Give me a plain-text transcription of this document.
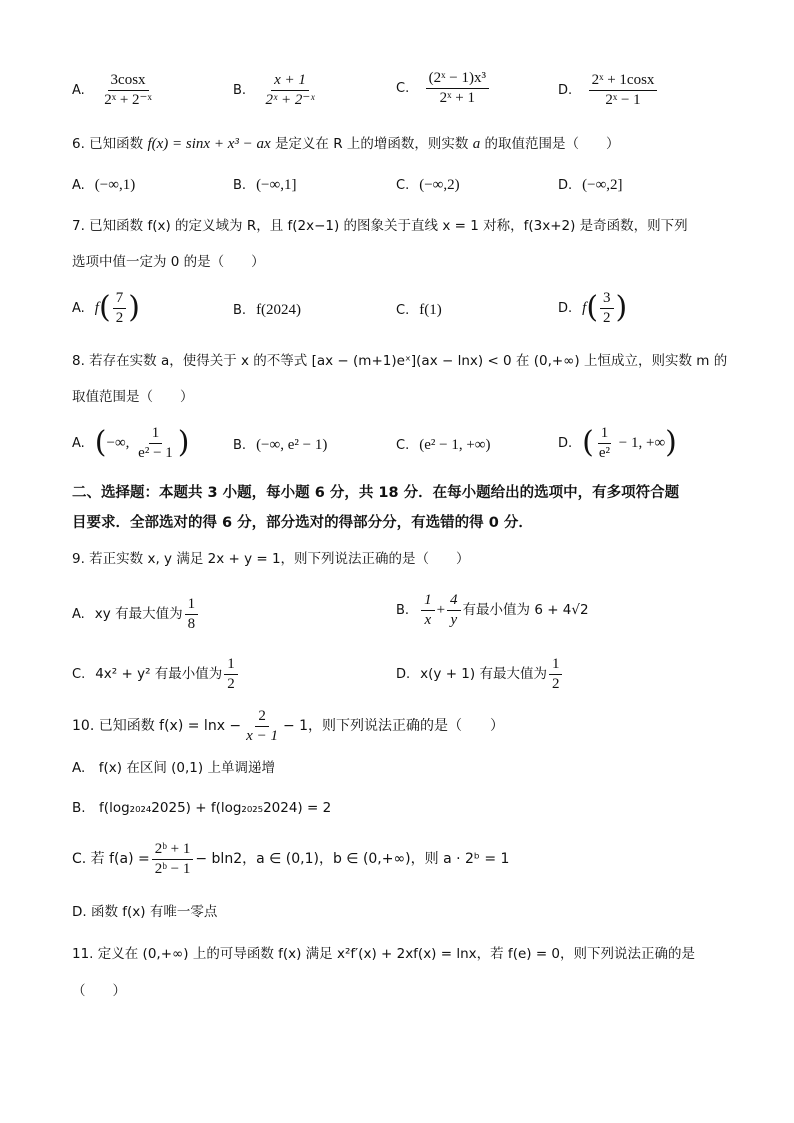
A. $\frac{3\cos x}{\text{2ˣ + 2⁻ˣ}}$	B. $\frac{x + 1}{\text{2ˣ + 2⁻ˣ}}$	C. $\frac{\text{(2ˣ − 1)x³}}{\text{2ˣ + 1}}$	D. $\frac{\text{2ˣ + 1cosx}}{\text{2ˣ − 1}}$
6. 已知函数 f(x) = sinx + x³ − ax 是定义在 R 上的增函数，则实数 a 的取值范围是（　　）
A. (−∞,1)	B. (−∞,1]	C. (−∞,2)	D. (−∞,2]
7. 已知函数 f(x) 的定义域为 R，且 f(2x−1) 的图象关于直线 x = 1 对称，f(3x+2) 是奇函数，则下列
选项中值一定为 0 的是（　　）
A. $f( \frac{7}{2}$ )	B. f(2024)	C. f(1)	D. $f( \frac{3}{2}$ )
8. 若存在实数 a，使得关于 x 的不等式 [ax − (m+1)eˣ](ax − lnx) < 0 在 (0,+∞) 上恒成立，则实数 m 的
取值范围是（　　）
A. (−∞, $\frac{1}{\text{e² − 1}}$ )	B. (−∞, e² − 1)	C. (e² − 1, +∞)	D. ( $\frac{1}{\text{e²}} - 1$, +∞)
二、选择题：本题共 3 小题，每小题 6 分，共 18 分．在每小题给出的选项中，有多项符合题
目要求．全部选对的得 6 分，部分选对的得部分分，有选错的得 0 分．
9. 若正实数 x, y 满足 2x + y = 1，则下列说法正确的是（　　）
A. xy 有最大值为 $\frac{1}{8}$	B. $\frac{1}{x} + \frac{4}{y}$ 有最小值为 6 + 4√2
C. 4x² + y² 有最小值为 $\frac{1}{2}$	D. x(y + 1) 有最大值为 $\frac{1}{2}$
10. 已知函数 $f(x) = \ln x - \frac{2}{x - 1} - 1$，则下列说法正确的是（　　）
A.　f(x) 在区间 (0,1) 上单调递增
B.　f(log₂₀₂₄2025) + f(log₂₀₂₅2024) = 2
C. 若 $f(a) = \frac{\text{2ᵇ + 1}}{\text{2ᵇ − 1}} - bln2$，a ∈ (0,1)，b ∈ (0,+∞)，则 a · 2ᵇ = 1
D. 函数 f(x) 有唯一零点
11. 定义在 (0,+∞) 上的可导函数 f(x) 满足 x²f′(x) + 2xf(x) = lnx，若 f(e) = 0，则下列说法正确的是
（　　）
